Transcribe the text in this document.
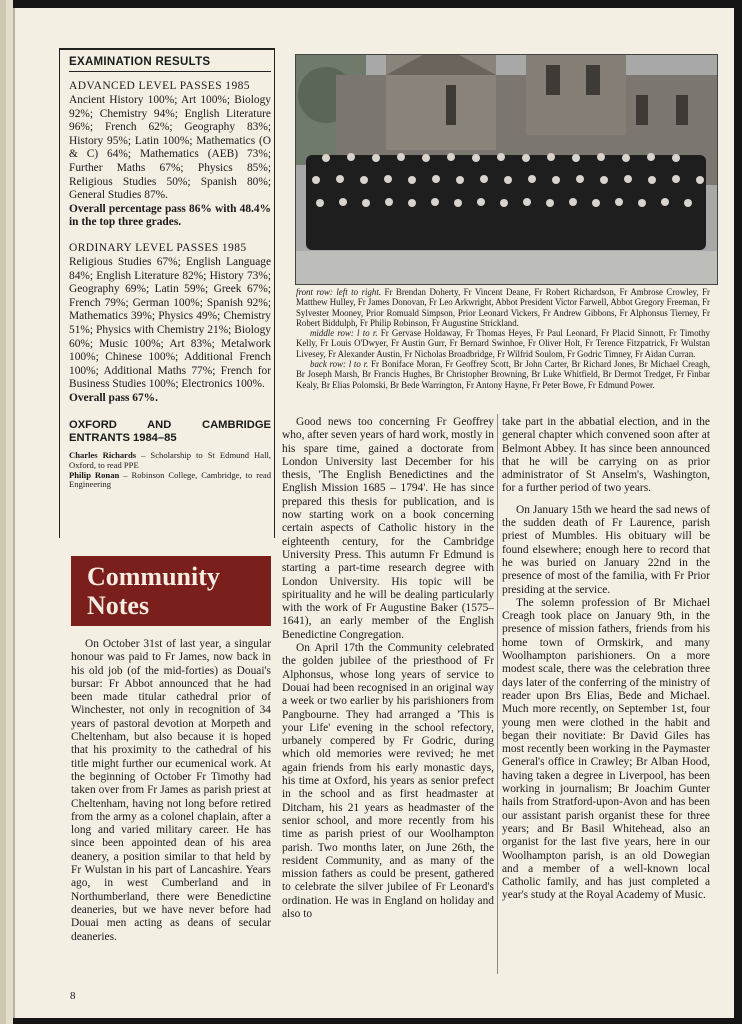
EXAMINATION RESULTS
ADVANCED LEVEL PASSES 1985

Ancient History 100%; Art 100%; Biology 92%; Chemistry 94%; English Literature 96%; French 62%; Geography 83%; History 95%; Latin 100%; Mathematics (O & C) 64%; Mathematics (AEB) 73%; Further Maths 67%; Physics 85%; Religious Studies 50%; Spanish 80%; General Studies 87%.

Overall percentage pass 86% with 48.4% in the top three grades.

ORDINARY LEVEL PASSES 1985

Religious Studies 67%; English Language 84%; English Literature 82%; History 73%; Geography 69%; Latin 59%; Greek 67%; French 79%; German 100%; Spanish 92%; Mathematics 39%; Physics 49%; Chemistry 51%; Physics with Chemistry 21%; Biology 60%; Music 100%; Art 83%; Metalwork 100%; Chinese 100%; Additional French 100%; Additional Maths 77%; French for Business Studies 100%; Electronics 100%.

Overall pass 67%.

OXFORD AND CAMBRIDGE ENTRANTS 1984–85

Charles Richards – Scholarship to St Edmund Hall, Oxford, to read PPE

Philip Ronan – Robinson College, Cambridge, to read Engineering

Community
Notes

On October 31st of last year, a singular honour was paid to Fr James, now back in his old job (of the mid-forties) as Douai's bursar: Fr Abbot announced that he had been made titular cathedral prior of Winchester, not only in recognition of 34 years of pastoral devotion at Morpeth and Cheltenham, but also because it is hoped that his proximity to the cathedral of his title might further our ecumenical work. At the beginning of October Fr Timothy had taken over from Fr James as parish priest at Cheltenham, having not long before retired from the army as a colonel chaplain, after a long and varied military career. He has since been appointed dean of his area deanery, a position similar to that held by Fr Wulstan in his part of Lancashire. Years ago, in west Cumberland and in Northumberland, there were Benedictine deaneries, but we have never before had Douai men acting as deans of secular deaneries.

front row: left to right. Fr Brendan Doherty, Fr Vincent Deane, Fr Robert Richardson, Fr Ambrose Crowley, Fr Matthew Hulley, Fr James Donovan, Fr Leo Arkwright, Abbot President Victor Farwell, Abbot Gregory Freeman, Fr Sylvester Mooney, Prior Romuald Simpson, Prior Leonard Vickers, Fr Andrew Gibbons, Fr Alphonsus Tierney, Fr Robert Biddulph, Fr Philip Robinson, Fr Augustine Strickland.
middle row: l to r. Fr Gervase Holdaway, Fr Thomas Heyes, Fr Paul Leonard, Fr Placid Sinnott, Fr Timothy Kelly, Fr Louis O'Dwyer, Fr Austin Gurr, Fr Bernard Swinhoe, Fr Oliver Holt, Fr Terence Fitzpatrick, Fr Wulstan Livesey, Fr Alexander Austin, Fr Nicholas Broadbridge, Fr Wilfrid Soulom, Fr Godric Timney, Fr Aidan Curran.
back row: l to r. Fr Boniface Moran, Fr Geoffrey Scott, Br John Carter, Br Richard Jones, Br Michael Creagh, Br Joseph Marsh, Br Francis Hughes, Br Christopher Browning, Br Luke Whitfield, Br Dermot Tredget, Fr Finbar Kealy, Br Elias Polomski, Br Bede Warrington, Fr Antony Hayne, Fr Peter Bowe, Fr Edmund Power.

Good news too concerning Fr Geoffrey who, after seven years of hard work, mostly in his spare time, gained a doctorate from London University last December for his thesis, 'The English Benedictines and the English Mission 1685 – 1794'. He has since prepared this thesis for publication, and is now starting work on a book concerning certain aspects of Catholic history in the eighteenth century, for the Cambridge University Press. This autumn Fr Edmund is starting a part-time research degree with London University. His topic will be spirituality and he will be dealing particularly with the work of Fr Augustine Baker (1575–1641), an early member of the English Benedictine Congregation.

On April 17th the Community celebrated the golden jubilee of the priesthood of Fr Alphonsus, whose long years of service to Douai had been recognised in an original way a week or two earlier by his parishioners from Pangbourne. They had arranged a 'This is your Life' evening in the school refectory, urbanely compered by Fr Godric, during which old memories were revived; he met again friends from his early monastic days, his time at Oxford, his years as senior prefect in the school and as first headmaster at Ditcham, his 21 years as headmaster of the senior school, and more recently from his time as parish priest of our Woolhampton parish. Two months later, on June 26th, the resident Community, and as many of the mission fathers as could be present, gathered to celebrate the silver jubilee of Fr Leonard's ordination. He was in England on holiday and also to

take part in the abbatial election, and in the general chapter which convened soon after at Belmont Abbey. It has since been announced that he will be carrying on as prior administrator of St Anselm's, Washington, for a further period of two years.

On January 15th we heard the sad news of the sudden death of Fr Laurence, parish priest of Mumbles. His obituary will be found elsewhere; enough here to record that he was buried on January 22nd in the presence of most of the familia, with Fr Prior presiding at the service.

The solemn profession of Br Michael Creagh took place on January 9th, in the presence of mission fathers, friends from his home town of Ormskirk, and many Woolhampton parishioners. On a more modest scale, there was the celebration three days later of the conferring of the ministry of reader upon Brs Elias, Bede and Michael. Much more recently, on September 1st, four young men were clothed in the habit and began their novitiate: Br David Giles has most recently been working in the Paymaster General's office in Crawley; Br Alban Hood, having taken a degree in Liverpool, has been working in journalism; Br Joachim Gunter hails from Stratford-upon-Avon and has been our assistant parish organist these for three years; and Br Basil Whitehead, also an organist for the last five years, here in our Woolhampton parish, is an old Dowegian and a member of a well-known local Catholic family, and has just completed a year's study at the Royal Academy of Music.

8
